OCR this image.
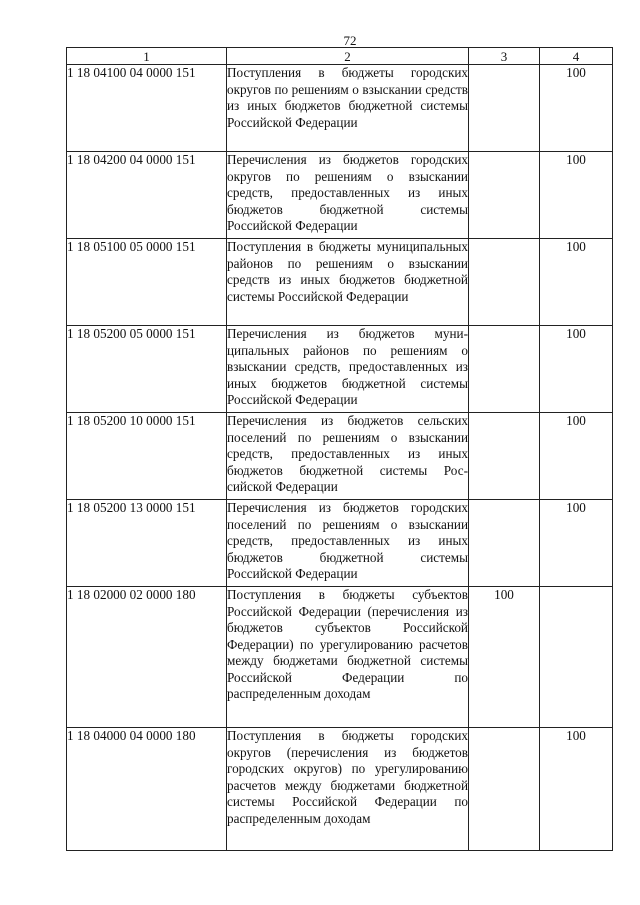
72
1	2	3	4
1 18 04100 04 0000 151	Поступления в бюджеты городских округов по решениям о взыскании средств из иных бюджетов бюджетной системы Российской Федерации		100
1 18 04200 04 0000 151	Перечисления из бюджетов городских округов по решениям о взыскании средств, предоставленных из иных бюджетов бюджетной системы Российской Федерации		100
1 18 05100 05 0000 151	Поступления в бюджеты муниципальных районов по решениям о взыскании средств из иных бюджетов бюджетной системы Российской Федерации		100
1 18 05200 05 0000 151	Перечисления из бюджетов муниципальных районов по решениям о взыскании средств, предоставленных из иных бюджетов бюджетной системы Российской Федерации		100
1 18 05200 10 0000 151	Перечисления из бюджетов сельских поселений по решениям о взыскании средств, предоставленных из иных бюджетов бюджетной системы Российской Федерации		100
1 18 05200 13 0000 151	Перечисления из бюджетов городских поселений по решениям о взыскании средств, предоставленных из иных бюджетов бюджетной системы Российской Федерации		100
1 18 02000 02 0000 180	Поступления в бюджеты субъектов Российской Федерации (перечисления из бюджетов субъектов Российской Федерации) по урегулированию расчетов между бюджетами бюджетной системы Российской Федерации по распределенным доходам	100	
1 18 04000 04 0000 180	Поступления в бюджеты городских округов (перечисления из бюджетов городских округов) по урегулированию расчетов между бюджетами бюджетной системы Российской Федерации по распределенным доходам		100
